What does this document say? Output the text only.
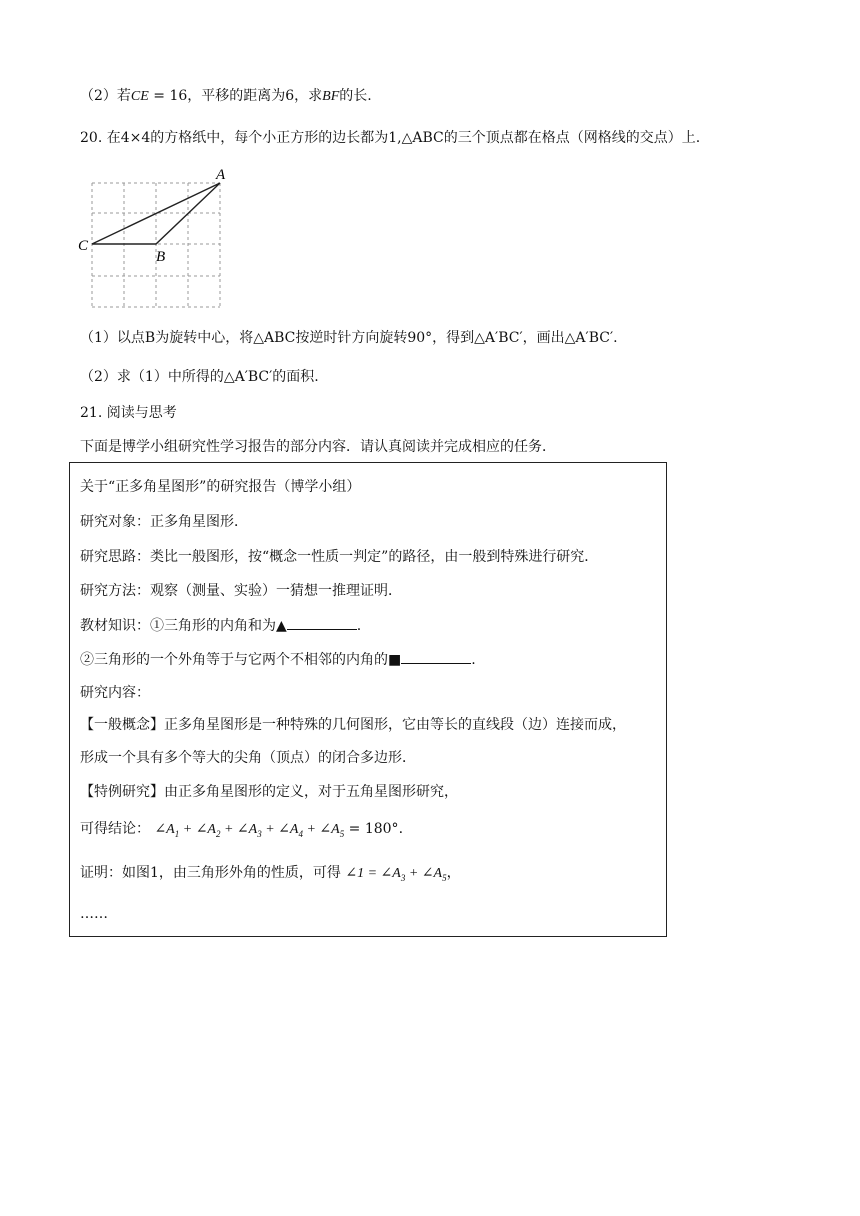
（2）若CE = 16，平移的距离为6，求BF的长.
20. 在4×4的方格纸中，每个小正方形的边长都为1,△ABC的三个顶点都在格点（网格线的交点）上.
A
B
C
（1）以点B为旋转中心，将△ABC按逆时针方向旋转90°，得到△A′BC′，画出△A′BC′.
（2）求（1）中所得的△A′BC′的面积.
21. 阅读与思考
下面是博学小组研究性学习报告的部分内容．请认真阅读并完成相应的任务．
关于“正多角星图形”的研究报告（博学小组）
研究对象：正多角星图形．
研究思路：类比一般图形，按“概念一性质一判定”的路径，由一般到特殊进行研究．
研究方法：观察（测量、实验）一猜想一推理证明．
教材知识：①三角形的内角和为▲	.
②三角形的一个外角等于与它两个不相邻的内角的■	.
研究内容：
【一般概念】正多角星图形是一种特殊的几何图形，它由等长的直线段（边）连接而成，
形成一个具有多个等大的尖角（顶点）的闭合多边形．
【特例研究】由正多角星图形的定义，对于五角星图形研究，
可得结论： $\angle A_1$ + $\angle A_2$ + $\angle A_3$ + $\angle A_4$ + $\angle A_5 = 180^\circ$.
证明：如图1，由三角形外角的性质，可得 ∠1 = $\angle A_3$ + $\angle A_5$，
……
